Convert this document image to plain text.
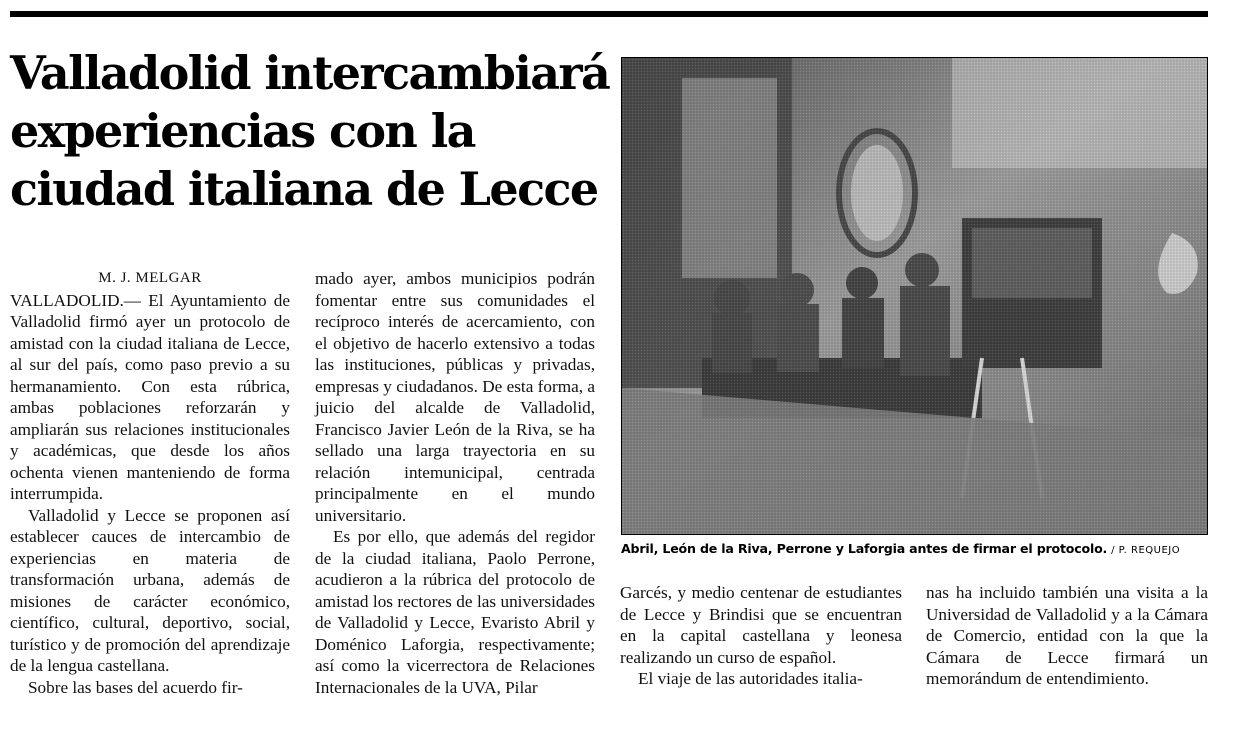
Valladolid intercambiará
experiencias con la
ciudad italiana de Lecce

M. J. MELGAR

VALLADOLID.— El Ayuntamiento de Valladolid firmó ayer un protocolo de amistad con la ciudad italiana de Lecce, al sur del país, como paso previo a su hermanamiento. Con esta rúbrica, ambas poblaciones reforzarán y ampliarán sus relaciones institucionales y académicas, que desde los años ochenta vienen manteniendo de forma interrumpida.

Valladolid y Lecce se proponen así establecer cauces de intercambio de experiencias en materia de transformación urbana, además de misiones de carácter económico, científico, cultural, deportivo, social, turístico y de promoción del aprendizaje de la lengua castellana.

Sobre las bases del acuerdo fir-

mado ayer, ambos municipios podrán fomentar entre sus comunidades el recíproco interés de acercamiento, con el objetivo de hacerlo extensivo a todas las instituciones, públicas y privadas, empresas y ciudadanos. De esta forma, a juicio del alcalde de Valladolid, Francisco Javier León de la Riva, se ha sellado una larga trayectoria en su relación intemunicipal, centrada principalmente en el mundo universitario.

Es por ello, que además del regidor de la ciudad italiana, Paolo Perrone, acudieron a la rúbrica del protocolo de amistad los rectores de las universidades de Valladolid y Lecce, Evaristo Abril y Doménico Laforgia, respectivamente; así como la vicerrectora de Relaciones Internacionales de la UVA, Pilar

Abril, León de la Riva, Perrone y Laforgia antes de firmar el protocolo. / P. REQUEJO

Garcés, y medio centenar de estudiantes de Lecce y Brindisi que se encuentran en la capital castellana y leonesa realizando un curso de español.

El viaje de las autoridades italia-

nas ha incluido también una visita a la Universidad de Valladolid y a la Cámara de Comercio, entidad con la que la Cámara de Lecce firmará un memorándum de entendimiento.
